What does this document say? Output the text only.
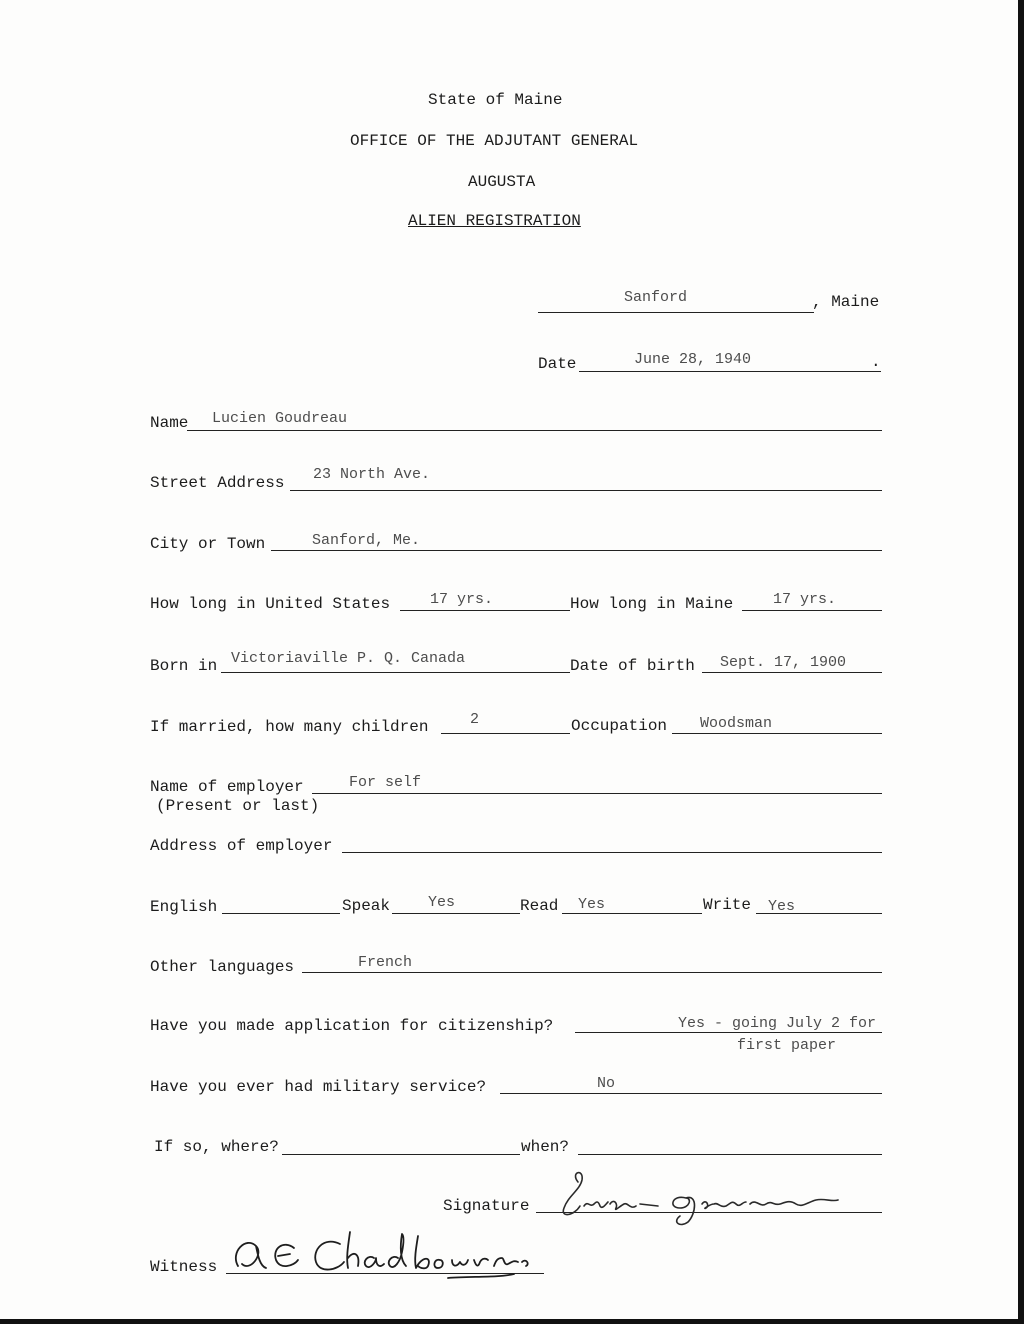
State of Maine
OFFICE OF THE ADJUTANT GENERAL
AUGUSTA
ALIEN REGISTRATION
Sanford	, Maine
Date	June 28, 1940	.
Name Lucien Goudreau
Street Address 23 North Ave.
City or Town	Sanford, Me.
How long in United States	17 yrs.	How long in Maine	17 yrs.
Born in Victoriaville P. Q. Canada	Date of birth Sept. 17, 1900
If married, how many children	2	Occupation Woodsman
Name of employer
(Present or last)
For self
Address of employer
English	Speak	Yes	Read Yes	Write Yes
Other languages	French
Have you made application for citizenship?	Yes - going July 2 for
first paper
Have you ever had military service?	No
If so, where?	when?
Signature
Witness
